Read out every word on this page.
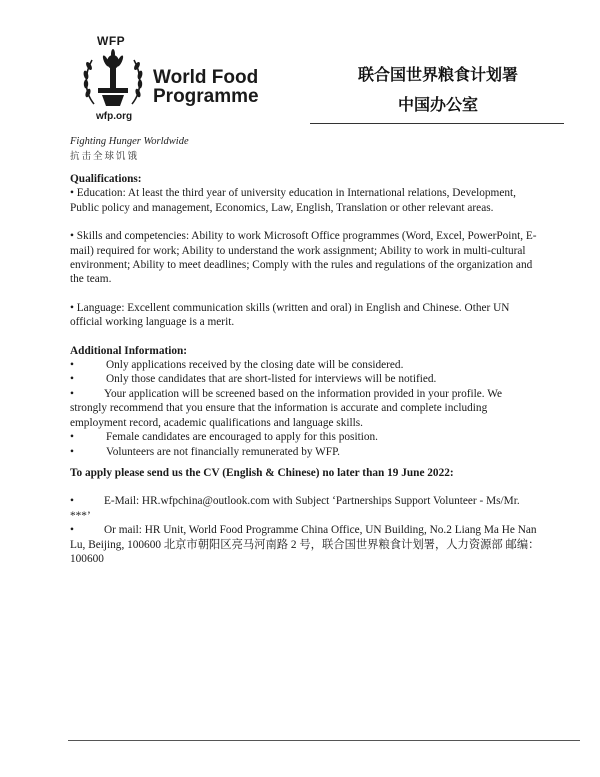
WFP
World Food
Programme
wfp.org
联合国世界粮食计划署
中国办公室
Fighting Hunger Worldwide
抗击全球饥饿

Qualifications:

• Education: At least the third year of university education in International relations, Development, Public policy and management, Economics, Law, English, Translation or other relevant areas.

• Skills and competencies: Ability to work Microsoft Office programmes (Word, Excel, PowerPoint, E-mail) required for work; Ability to understand the work assignment; Ability to work in multi-cultural environment; Ability to meet deadlines; Comply with the rules and regulations of the organization and the team.

• Language: Excellent communication skills (written and oral) in English and Chinese. Other UN official working language is a merit.

Additional Information:

•	Only applications received by the closing date will be considered.
•	Only those candidates that are short-listed for interviews will be notified.

•	Your application will be screened based on the information provided in your profile. We strongly recommend that you ensure that the information is accurate and complete including employment record, academic qualifications and language skills.

•	Female candidates are encouraged to apply for this position.
•	Volunteers are not financially remunerated by WFP.

To apply please send us the CV (English & Chinese) no later than 19 June 2022:

•	E-Mail: HR.wfpchina@outlook.com with Subject ‘Partnerships Support Volunteer - Ms/Mr. ***’

•	Or mail: HR Unit, World Food Programme China Office, UN Building, No.2 Liang Ma He Nan Lu, Beijing, 100600 北京市朝阳区亮马河南路 2 号，联合国世界粮食计划署，人力资源部 邮编：100600
